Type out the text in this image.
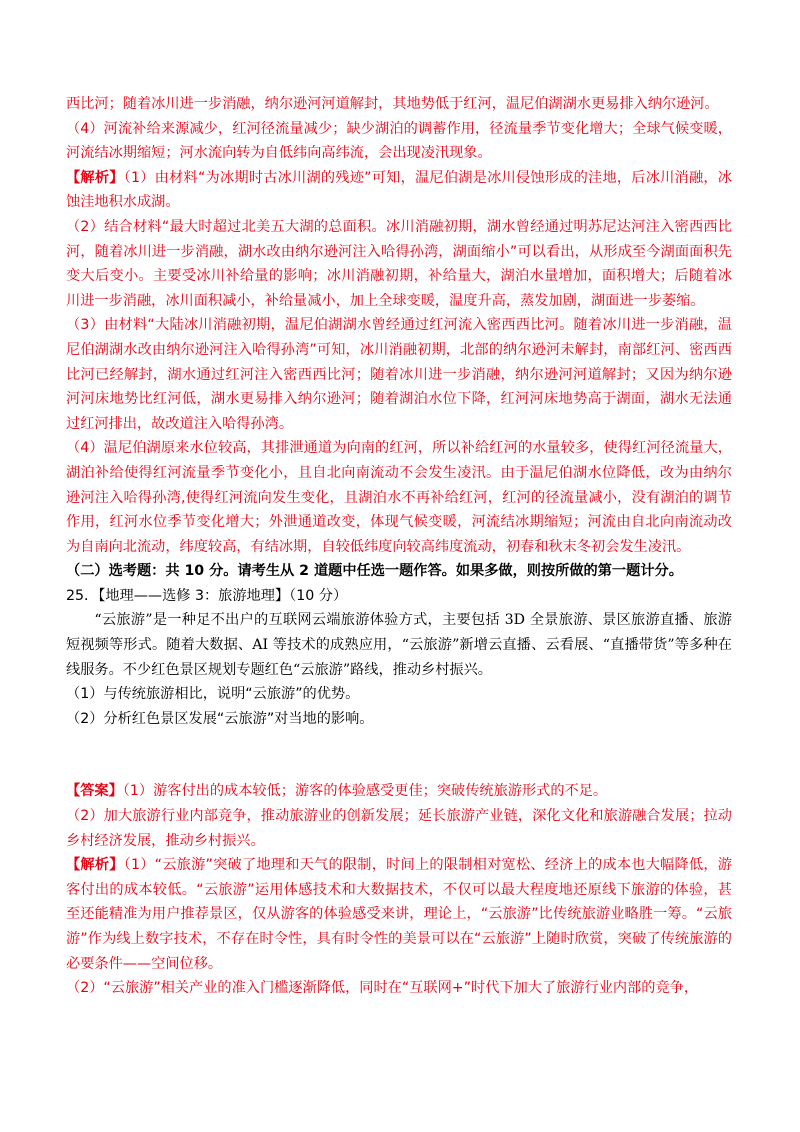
西比河；随着冰川进一步消融，纳尔逊河河道解封，其地势低于红河，温尼伯湖湖水更易排入纳尔逊河。

（4）河流补给来源减少，红河径流量减少；缺少湖泊的调蓄作用，径流量季节变化增大；全球气候变暖，河流结冰期缩短；河水流向转为自低纬向高纬流，会出现凌汛现象。

【解析】（1）由材料“为冰期时古冰川湖的残迹”可知，温尼伯湖是冰川侵蚀形成的洼地，后冰川消融，冰蚀洼地积水成湖。

（2）结合材料“最大时超过北美五大湖的总面积。冰川消融初期，湖水曾经通过明苏尼达河注入密西西比河，随着冰川进一步消融，湖水改由纳尔逊河注入哈得孙湾，湖面缩小”可以看出，从形成至今湖面面积先变大后变小。主要受冰川补给量的影响；冰川消融初期，补给量大，湖泊水量增加，面积增大；后随着冰川进一步消融，冰川面积减小，补给量减小，加上全球变暖，温度升高，蒸发加剧，湖面进一步萎缩。

（3）由材料“大陆冰川消融初期，温尼伯湖湖水曾经通过红河流入密西西比河。随着冰川进一步消融，温尼伯湖湖水改由纳尔逊河注入哈得孙湾”可知，冰川消融初期，北部的纳尔逊河未解封，南部红河、密西西比河已经解封，湖水通过红河注入密西西比河；随着冰川进一步消融，纳尔逊河河道解封；又因为纳尔逊河河床地势比红河低，湖水更易排入纳尔逊河；随着湖泊水位下降，红河河床地势高于湖面，湖水无法通过红河排出，故改道注入哈得孙湾。

（4）温尼伯湖原来水位较高，其排泄通道为向南的红河，所以补给红河的水量较多，使得红河径流量大，湖泊补给使得红河流量季节变化小，且自北向南流动不会发生凌汛。由于温尼伯湖水位降低，改为由纳尔逊河注入哈得孙湾,使得红河流向发生变化，且湖泊水不再补给红河，红河的径流量减小，没有湖泊的调节作用，红河水位季节变化增大；外泄通道改变，体现气候变暖，河流结冰期缩短；河流由自北向南流动改为自南向北流动，纬度较高，有结冰期，自较低纬度向较高纬度流动，初春和秋末冬初会发生凌汛。

（二）选考题：共 10 分。请考生从 2 道题中任选一题作答。如果多做，则按所做的第一题计分。

25．【地理——选修 3：旅游地理】（10 分）

“云旅游”是一种足不出户的互联网云端旅游体验方式，主要包括 3D 全景旅游、景区旅游直播、旅游短视频等形式。随着大数据、AI 等技术的成熟应用，“云旅游”新增云直播、云看展、“直播带货”等多种在线服务。不少红色景区规划专题红色“云旅游”路线，推动乡村振兴。

（1）与传统旅游相比，说明“云旅游”的优势。

（2）分析红色景区发展“云旅游”对当地的影响。

【答案】（1）游客付出的成本较低；游客的体验感受更佳；突破传统旅游形式的不足。

（2）加大旅游行业内部竞争，推动旅游业的创新发展；延长旅游产业链，深化文化和旅游融合发展；拉动乡村经济发展，推动乡村振兴。

【解析】（1）“云旅游”突破了地理和天气的限制，时间上的限制相对宽松、经济上的成本也大幅降低，游客付出的成本较低。“云旅游”运用体感技术和大数据技术，不仅可以最大程度地还原线下旅游的体验，甚至还能精准为用户推荐景区，仅从游客的体验感受来讲，理论上，“云旅游”比传统旅游业略胜一筹。“云旅游”作为线上数字技术，不存在时令性，具有时令性的美景可以在“云旅游”上随时欣赏，突破了传统旅游的必要条件——空间位移。

（2）“云旅游”相关产业的准入门槛逐渐降低，同时在“互联网+”时代下加大了旅游行业内部的竞争，
